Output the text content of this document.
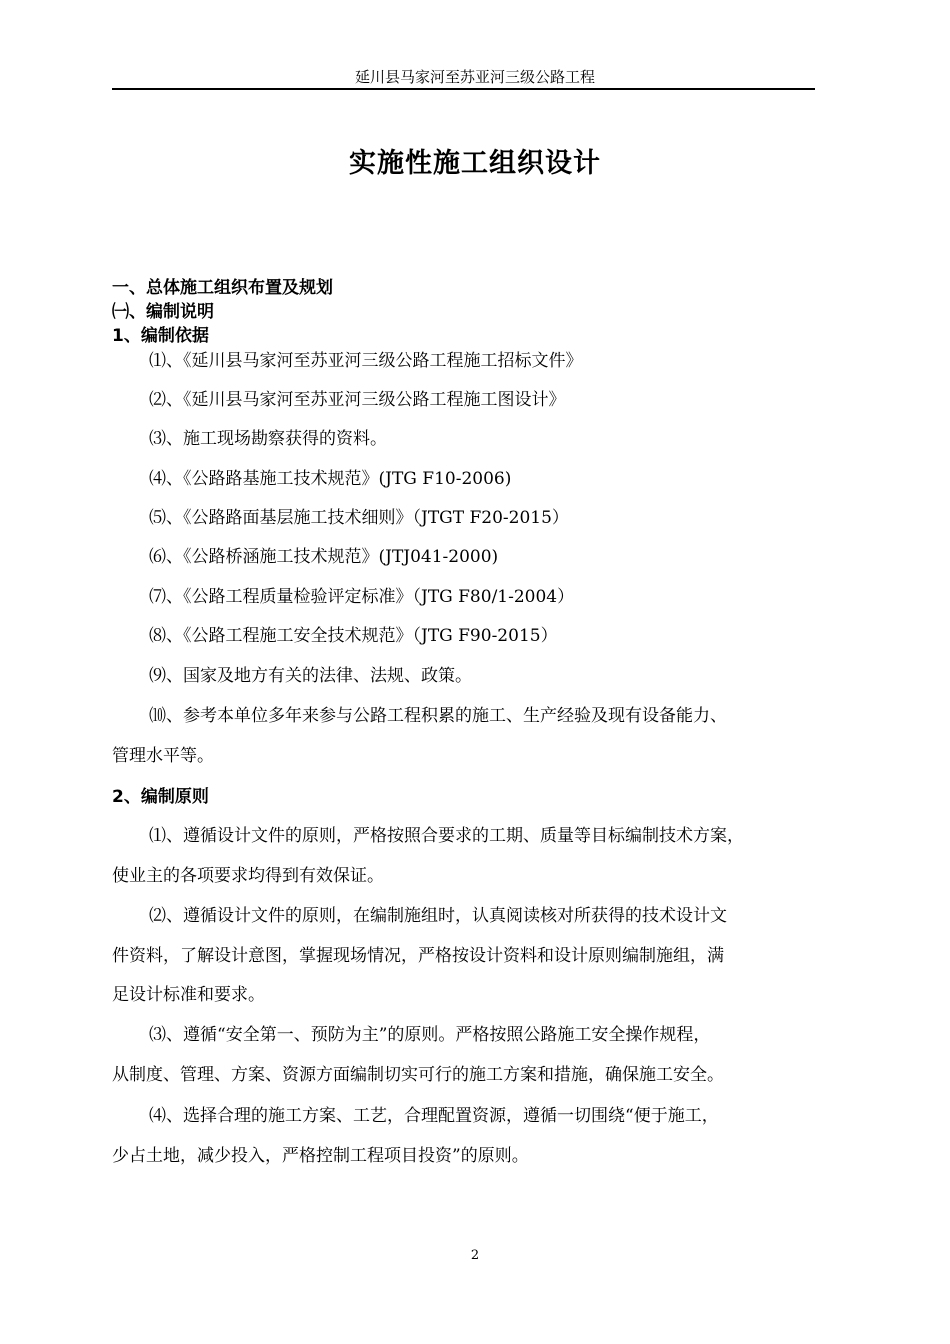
延川县马家河至苏亚河三级公路工程
实施性施工组织设计
一、总体施工组织布置及规划
㈠、编制说明
1、编制依据
⑴、《延川县马家河至苏亚河三级公路工程施工招标文件》
⑵、《延川县马家河至苏亚河三级公路工程施工图设计》
⑶、施工现场勘察获得的资料。
⑷、《公路路基施工技术规范》(JTG F10-2006)
⑸、《公路路面基层施工技术细则》（JTGT F20-2015）
⑹、《公路桥涵施工技术规范》(JTJ041-2000)
⑺、《公路工程质量检验评定标准》（JTG F80/1-2004）
⑻、《公路工程施工安全技术规范》（JTG F90-2015）
⑼、国家及地方有关的法律、法规、政策。
⑽、参考本单位多年来参与公路工程积累的施工、生产经验及现有设备能力、
管理水平等。
2、编制原则
⑴、遵循设计文件的原则，严格按照合要求的工期、质量等目标编制技术方案，
使业主的各项要求均得到有效保证。
⑵、遵循设计文件的原则，在编制施组时，认真阅读核对所获得的技术设计文
件资料，了解设计意图，掌握现场情况，严格按设计资料和设计原则编制施组，满
足设计标准和要求。
⑶、遵循“安全第一、预防为主”的原则。严格按照公路施工安全操作规程，
从制度、管理、方案、资源方面编制切实可行的施工方案和措施，确保施工安全。
⑷、选择合理的施工方案、工艺，合理配置资源，遵循一切围绕“便于施工，
少占土地，减少投入，严格控制工程项目投资”的原则。
2
